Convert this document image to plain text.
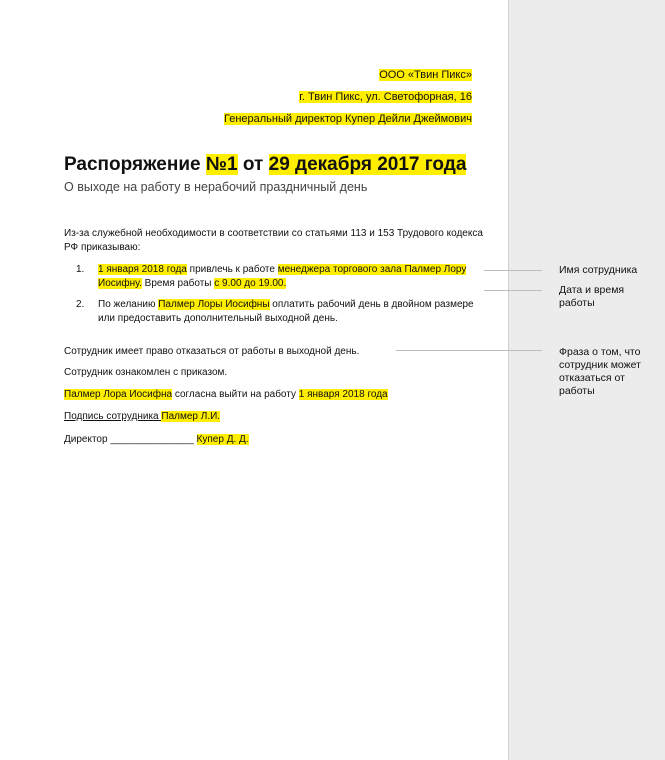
ООО «Твин Пикс»
г. Твин Пикс, ул. Светофорная, 16
Генеральный директор Купер Дейли Джеймович
Распоряжение №1 от 29 декабря 2017 года
О выходе на работу в нерабочий праздничный день
Из-за служебной необходимости в соответствии со статьями 113 и 153 Трудового кодекса РФ приказываю:
1. 1 января 2018 года привлечь к работе менеджера торгового зала Палмер Лору Иосифну. Время работы с 9.00 до 19.00.
2. По желанию Палмер Лоры Иосифны оплатить рабочий день в двойном размере или предоставить дополнительный выходной день.
Сотрудник имеет право отказаться от работы в выходной день.
Сотрудник ознакомлен с приказом.
Палмер Лора Иосифна согласна выйти на работу 1 января 2018 года
Подпись сотрудника Палмер Л.И.
Директор _______________ Купер Д. Д.
Имя сотрудника
Дата и время работы
Фраза о том, что сотрудник может отказаться от работы
